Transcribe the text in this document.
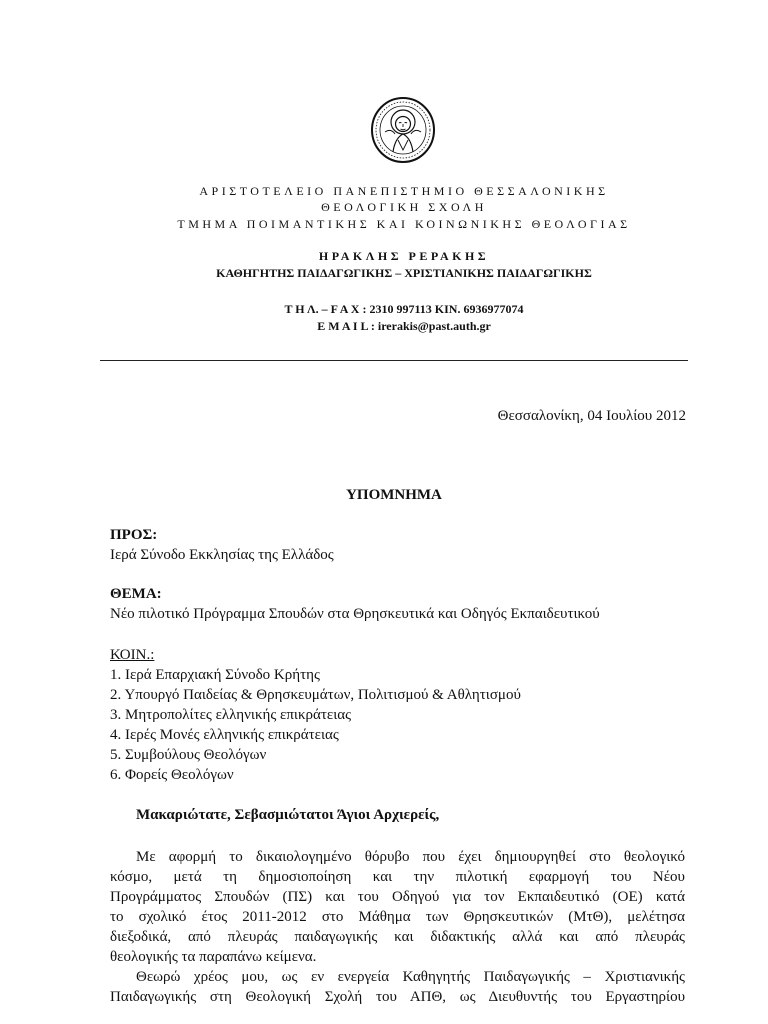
ΑΡΙΣΤΟΤΕΛΕΙΟ ΠΑΝΕΠΙΣΤΗΜΙΟ ΘΕΣΣΑΛΟΝΙΚΗΣ
ΘΕΟΛΟΓΙΚΗ ΣΧΟΛΗ
ΤΜΗΜΑ ΠΟΙΜΑΝΤΙΚΗΣ ΚΑΙ ΚΟΙΝΩΝΙΚΗΣ ΘΕΟΛΟΓΙΑΣ
ΗΡΑΚΛΗΣ ΡΕΡΑΚΗΣ
ΚΑΘΗΓΗΤΗΣ ΠΑΙΔΑΓΩΓΙΚΗΣ – ΧΡΙΣΤΙΑΝΙΚΗΣ ΠΑΙΔΑΓΩΓΙΚΗΣ
Τ Η Λ. – F A X : 2310 997113 ΚΙΝ. 6936977074
E M A I L : irerakis@past.auth.gr
Θεσσαλονίκη, 04 Ιουλίου 2012
ΥΠΟΜΝΗΜΑ
ΠΡΟΣ:
Ιερά Σύνοδο Εκκλησίας της Ελλάδος
ΘΕΜΑ:
Νέο πιλοτικό Πρόγραμμα Σπουδών στα Θρησκευτικά και Οδηγός Εκπαιδευτικού
ΚΟΙΝ.:
1. Ιερά Επαρχιακή Σύνοδο Κρήτης
2. Υπουργό Παιδείας & Θρησκευμάτων, Πολιτισμού & Αθλητισμού
3. Μητροπολίτες ελληνικής επικράτειας
4. Ιερές Μονές ελληνικής επικράτειας
5. Συμβούλους Θεολόγων
6. Φορείς Θεολόγων
Μακαριώτατε, Σεβασμιώτατοι Άγιοι Αρχιερείς,
Με αφορμή το δικαιολογημένο θόρυβο που έχει δημιουργηθεί στο θεολογικό
κόσμο, μετά τη δημοσιοποίηση και την πιλοτική εφαρμογή του Νέου
Προγράμματος Σπουδών (ΠΣ) και του Οδηγού για τον Εκπαιδευτικό (ΟΕ) κατά
το σχολικό έτος 2011-2012 στο Μάθημα των Θρησκευτικών (ΜτΘ), μελέτησα
διεξοδικά, από πλευράς παιδαγωγικής και διδακτικής αλλά και από πλευράς
θεολογικής τα παραπάνω κείμενα.
Θεωρώ χρέος μου, ως εν ενεργεία Καθηγητής Παιδαγωγικής – Χριστιανικής
Παιδαγωγικής στη Θεολογική Σχολή του ΑΠΘ, ως Διευθυντής του Εργαστηρίου
